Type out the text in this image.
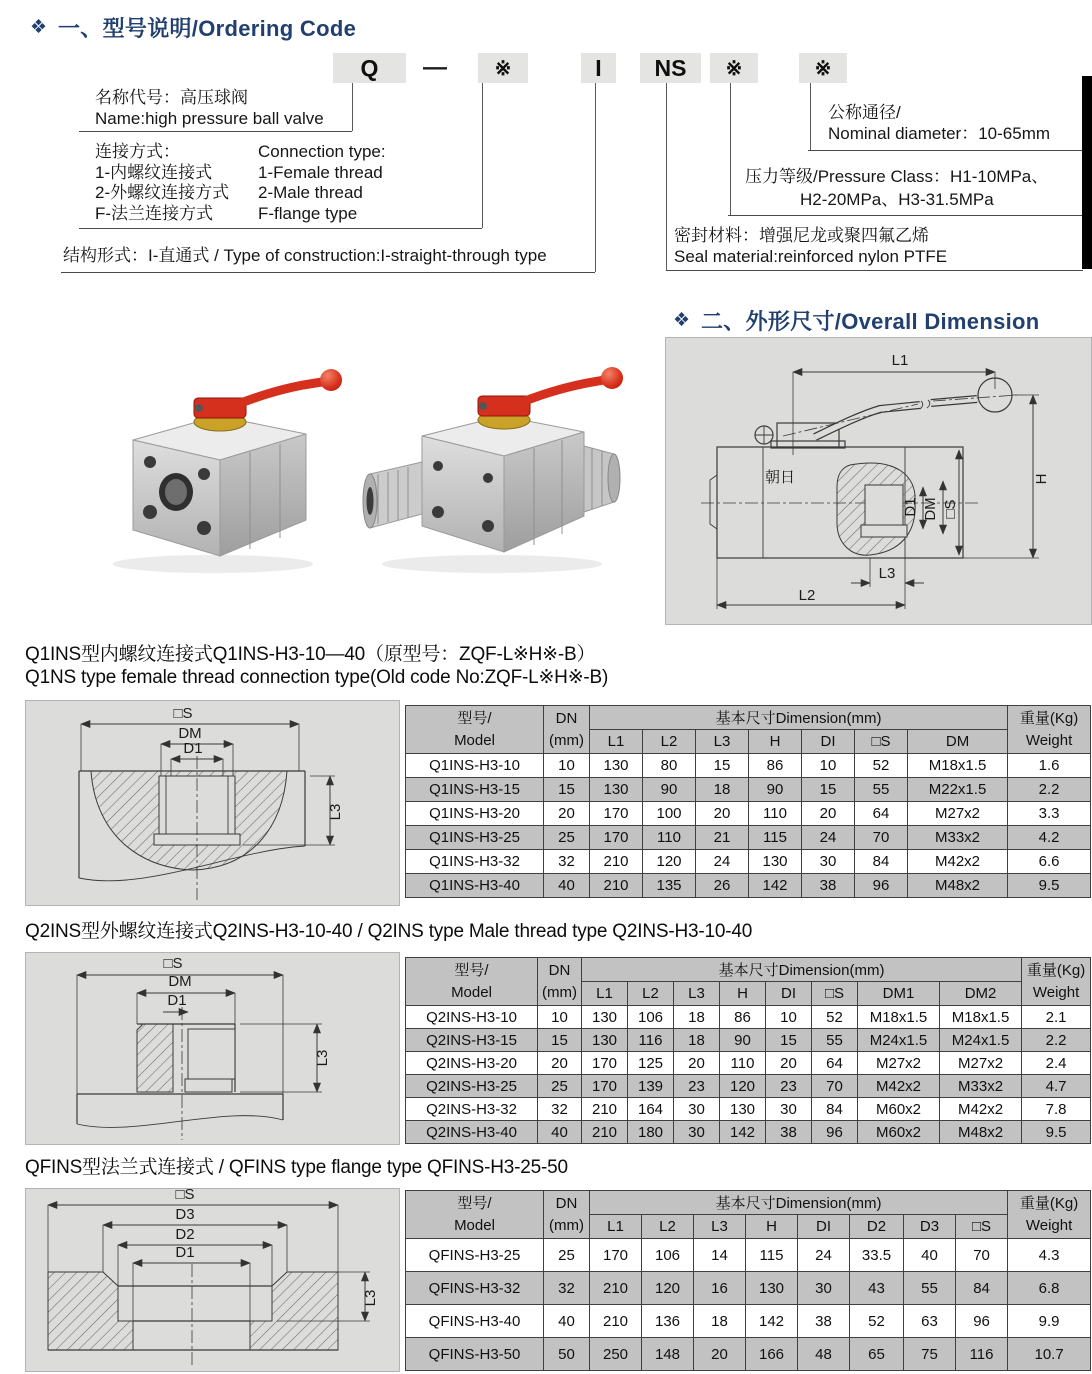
❖ 一、型号说明/Ordering Code
Q	—	※	I	NS	※	※
名称代号：高压球阀
Name:high pressure ball valve
连接方式：
1-内螺纹连接式
2-外螺纹连接方式
F-法兰连接方式
Connection type:
1-Female thread
2-Male thread
F-flange type
结构形式：I-直通式 / Type of construction:I-straight-through type
公称通径/
Nominal diameter：10-65mm
压力等级/Pressure Class：H1-10MPa、
H2-20MPa、H3-31.5MPa
密封材料：增强尼龙或聚四氟乙烯
Seal material:reinforced nylon PTFE
❖ 二、外形尺寸/Overall Dimension
L1
朝日
D1 DM □S
H
L3
L2
Q1INS型内螺纹连接式Q1INS-H3-10—40（原型号：ZQF-L※H※-B）
Q1NS type female thread connection type(Old code No:ZQF-L※H※-B)
□S
DM
D1
L3
型号/
Model

DN
(mm)
	基本尺寸Dimension(mm)	重量(Kg)
Weight

		L1	L2	L3	H	DI	□S	DM	
Q1INS-H3-10	10	130	80	15	86	10	52	M18x1.5	1.6
Q1INS-H3-15	15	130	90	18	90	15	55	M22x1.5	2.2
Q1INS-H3-20	20	170	100	20	110	20	64	M27x2	3.3
Q1INS-H3-25	25	170	110	21	115	24	70	M33x2	4.2
Q1INS-H3-32	32	210	120	24	130	30	84	M42x2	6.6
Q1INS-H3-40	40	210	135	26	142	38	96	M48x2	9.5
Q2INS型外螺纹连接式Q2INS-H3-10-40 / Q2INS type Male thread type Q2INS-H3-10-40
□S
DM
D1
L3
型号/
Model

DN
(mm)
	基本尺寸Dimension(mm)	重量(Kg)
Weight

		L1	L2	L3	H	DI	□S	DM1	DM2	
Q2INS-H3-10	10	130	106	18	86	10	52	M18x1.5	M18x1.5	2.1
Q2INS-H3-15	15	130	116	18	90	15	55	M24x1.5	M24x1.5	2.2
Q2INS-H3-20	20	170	125	20	110	20	64	M27x2	M27x2	2.4
Q2INS-H3-25	25	170	139	23	120	23	70	M42x2	M33x2	4.7
Q2INS-H3-32	32	210	164	30	130	30	84	M60x2	M42x2	7.8
Q2INS-H3-40	40	210	180	30	142	38	96	M60x2	M48x2	9.5
QFINS型法兰式连接式 / QFINS type flange type QFINS-H3-25-50
□S
D3
D2
D1
L3
型号/
Model

DN
(mm)
	基本尺寸Dimension(mm)	重量(Kg)
Weight

		L1	L2	L3	H	DI	D2	D3	□S	
QFINS-H3-25	25	170	106	14	115	24	33.5	40	70	4.3
QFINS-H3-32	32	210	120	16	130	30	43	55	84	6.8
QFINS-H3-40	40	210	136	18	142	38	52	63	96	9.9
QFINS-H3-50	50	250	148	20	166	48	65	75	116	10.7
